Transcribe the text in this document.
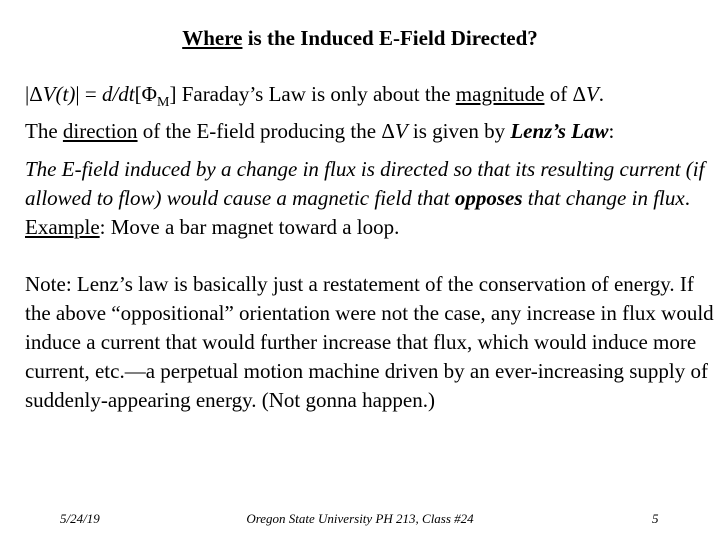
Where is the Induced E-Field Directed?
$|\Delta V(t)| = d/dt[\Phi_M]$ Faraday’s Law is only about the magnitude of ΔV.
The direction of the E-field producing the ΔV is given by Lenz’s Law:
The E-field induced by a change in flux is directed so that its resulting current (if allowed to flow) would cause a magnetic field that opposes that change in flux. Example: Move a bar magnet toward a loop.
Note: Lenz’s law is basically just a restatement of the conservation of energy. If the above “oppositional” orientation were not the case, any increase in flux would induce a current that would further increase that flux, which would induce more current, etc.—a perpetual motion machine driven by an ever-increasing supply of suddenly-appearing energy. (Not gonna happen.)
5/24/19	Oregon State University PH 213, Class #24	5
